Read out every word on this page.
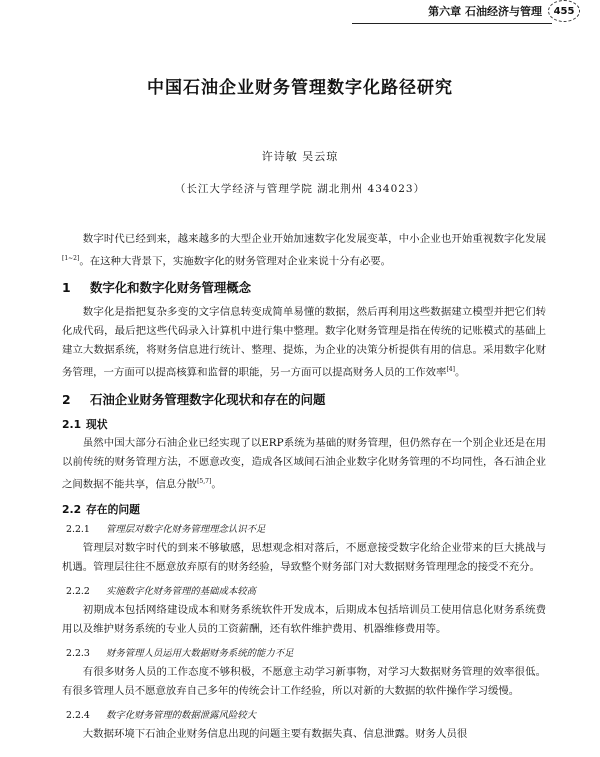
第六章 石油经济与管理	455
中国石油企业财务管理数字化路径研究
许诗敏 吴云琼
（长江大学经济与管理学院 湖北荆州 434023）

数字时代已经到来，越来越多的大型企业开始加速数字化发展变革，中小企业也开始重视数字化发展[1~2]。在这种大背景下，实施数字化的财务管理对企业来说十分有必要。

1 数字化和数字化财务管理概念

数字化是指把复杂多变的文字信息转变成简单易懂的数据，然后再利用这些数据建立模型并把它们转化成代码，最后把这些代码录入计算机中进行集中整理。数字化财务管理是指在传统的记账模式的基础上建立大数据系统，将财务信息进行统计、整理、提炼，为企业的决策分析提供有用的信息。采用数字化财务管理，一方面可以提高核算和监督的职能，另一方面可以提高财务人员的工作效率[4]。

2 石油企业财务管理数字化现状和存在的问题
2.1 现状

虽然中国大部分石油企业已经实现了以ERP系统为基础的财务管理，但仍然存在一个别企业还是在用以前传统的财务管理方法，不愿意改变，造成各区域间石油企业数字化财务管理的不均同性，各石油企业之间数据不能共享，信息分散[5,7]。

2.2 存在的问题
2.2.1 管理层对数字化财务管理理念认识不足

管理层对数字时代的到来不够敏感，思想观念相对落后，不愿意接受数字化给企业带来的巨大挑战与机遇。管理层往往不愿意放弃原有的财务经验，导致整个财务部门对大数据财务管理理念的接受不充分。

2.2.2 实施数字化财务管理的基础成本较高

初期成本包括网络建设成本和财务系统软件开发成本，后期成本包括培训员工使用信息化财务系统费用以及维护财务系统的专业人员的工资薪酬，还有软件维护费用、机器维修费用等。

2.2.3 财务管理人员运用大数据财务系统的能力不足

有很多财务人员的工作态度不够积极，不愿意主动学习新事物，对学习大数据财务管理的效率很低。有很多管理人员不愿意放弃自己多年的传统会计工作经验，所以对新的大数据的软件操作学习缓慢。

2.2.4 数字化财务管理的数据泄露风险较大

大数据环境下石油企业财务信息出现的问题主要有数据失真、信息泄露。财务人员很
